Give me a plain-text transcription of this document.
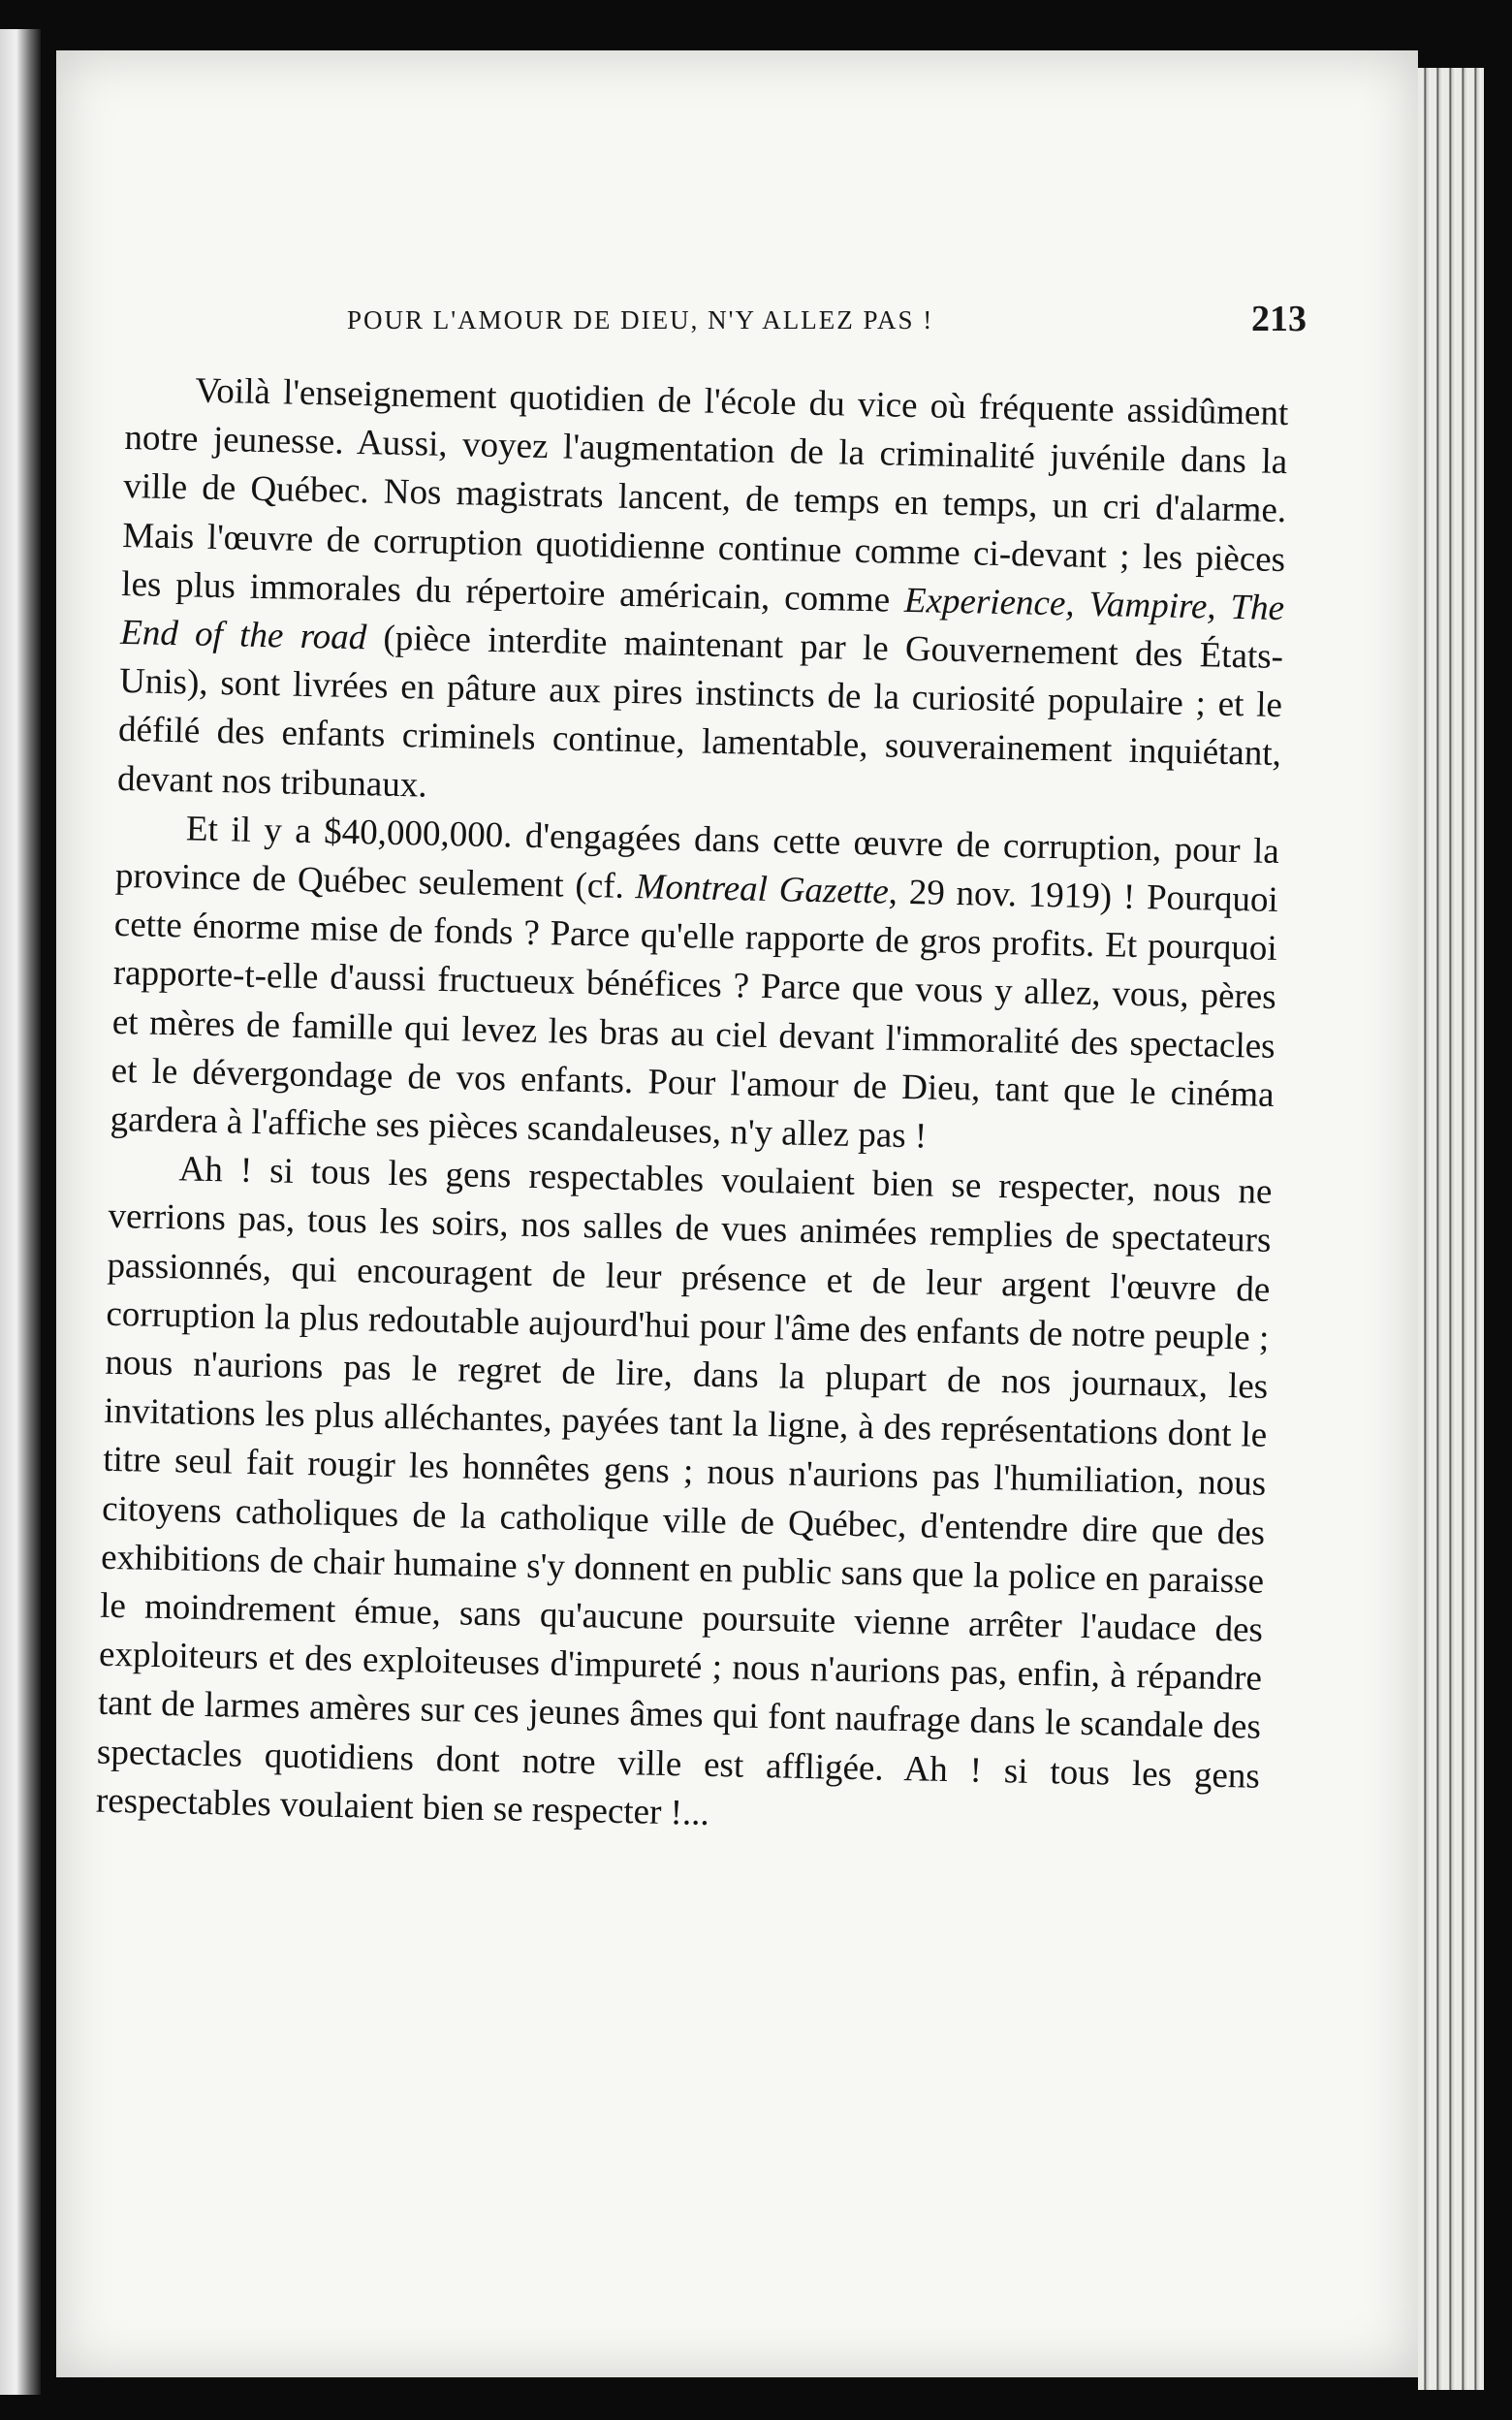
POUR L'AMOUR DE DIEU, N'Y ALLEZ PAS !	213

Voilà l'enseignement quotidien de l'école du vice où fréquente assidûment notre jeunesse. Aussi, voyez l'augmentation de la criminalité juvénile dans la ville de Québec. Nos magistrats lancent, de temps en temps, un cri d'alarme. Mais l'œuvre de corruption quotidienne continue comme ci-devant ; les pièces les plus immorales du répertoire américain, comme Experience, Vampire, The End of the road (pièce interdite maintenant par le Gouvernement des États-Unis), sont livrées en pâture aux pires instincts de la curiosité populaire ; et le défilé des enfants criminels continue, lamentable, souverainement inquiétant, devant nos tribunaux.

Et il y a $40,000,000. d'engagées dans cette œuvre de corruption, pour la province de Québec seulement (cf. Montreal Gazette, 29 nov. 1919) ! Pourquoi cette énorme mise de fonds ? Parce qu'elle rapporte de gros profits. Et pourquoi rapporte-t-elle d'aussi fructueux bénéfices ? Parce que vous y allez, vous, pères et mères de famille qui levez les bras au ciel devant l'immoralité des spectacles et le dévergondage de vos enfants. Pour l'amour de Dieu, tant que le cinéma gardera à l'affiche ses pièces scandaleuses, n'y allez pas !

Ah ! si tous les gens respectables voulaient bien se respecter, nous ne verrions pas, tous les soirs, nos salles de vues animées remplies de spectateurs passionnés, qui encouragent de leur présence et de leur argent l'œuvre de corruption la plus redoutable aujourd'hui pour l'âme des enfants de notre peuple ; nous n'aurions pas le regret de lire, dans la plupart de nos journaux, les invitations les plus alléchantes, payées tant la ligne, à des représentations dont le titre seul fait rougir les honnêtes gens ; nous n'aurions pas l'humiliation, nous citoyens catholiques de la catholique ville de Québec, d'entendre dire que des exhibitions de chair humaine s'y donnent en public sans que la police en paraisse le moindrement émue, sans qu'aucune poursuite vienne arrêter l'audace des exploiteurs et des exploiteuses d'impureté ; nous n'aurions pas, enfin, à répandre tant de larmes amères sur ces jeunes âmes qui font naufrage dans le scandale des spectacles quotidiens dont notre ville est affligée. Ah ! si tous les gens respectables voulaient bien se respecter !...
